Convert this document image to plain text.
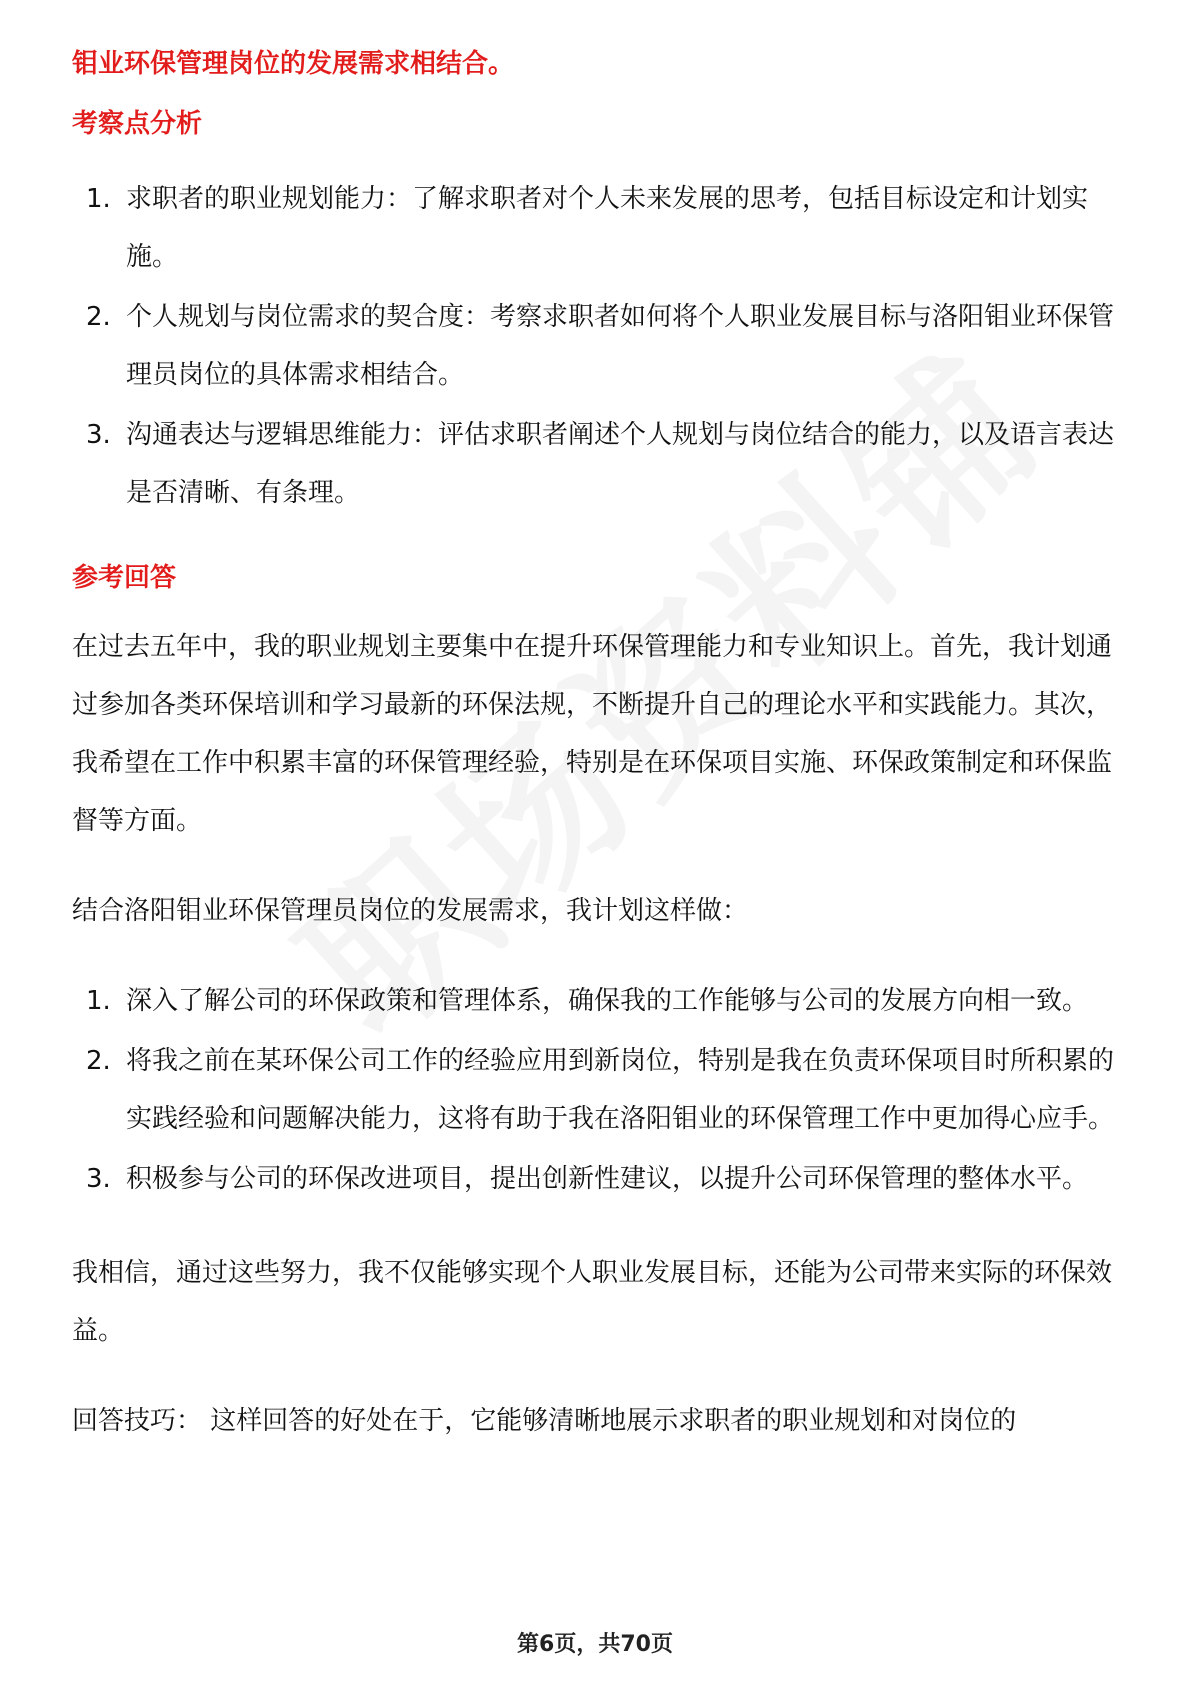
钼业环保管理岗位的发展需求相结合。
考察点分析
1. 求职者的职业规划能力：了解求职者对个人未来发展的思考，包括目标设定和计划实施。
2. 个人规划与岗位需求的契合度：考察求职者如何将个人职业发展目标与洛阳钼业环保管理员岗位的具体需求相结合。
3. 沟通表达与逻辑思维能力：评估求职者阐述个人规划与岗位结合的能力，以及语言表达是否清晰、有条理。
参考回答

在过去五年中，我的职业规划主要集中在提升环保管理能力和专业知识上。首先，我计划通过参加各类环保培训和学习最新的环保法规，不断提升自己的理论水平和实践能力。其次，我希望在工作中积累丰富的环保管理经验，特别是在环保项目实施、环保政策制定和环保监督等方面。

结合洛阳钼业环保管理员岗位的发展需求，我计划这样做：

1. 深入了解公司的环保政策和管理体系，确保我的工作能够与公司的发展方向相一致。
2. 将我之前在某环保公司工作的经验应用到新岗位，特别是我在负责环保项目时所积累的实践经验和问题解决能力，这将有助于我在洛阳钼业的环保管理工作中更加得心应手。
3. 积极参与公司的环保改进项目，提出创新性建议，以提升公司环保管理的整体水平。

我相信，通过这些努力，我不仅能够实现个人职业发展目标，还能为公司带来实际的环保效益。

回答技巧： 这样回答的好处在于，它能够清晰地展示求职者的职业规划和对岗位的

第6页，共70页
